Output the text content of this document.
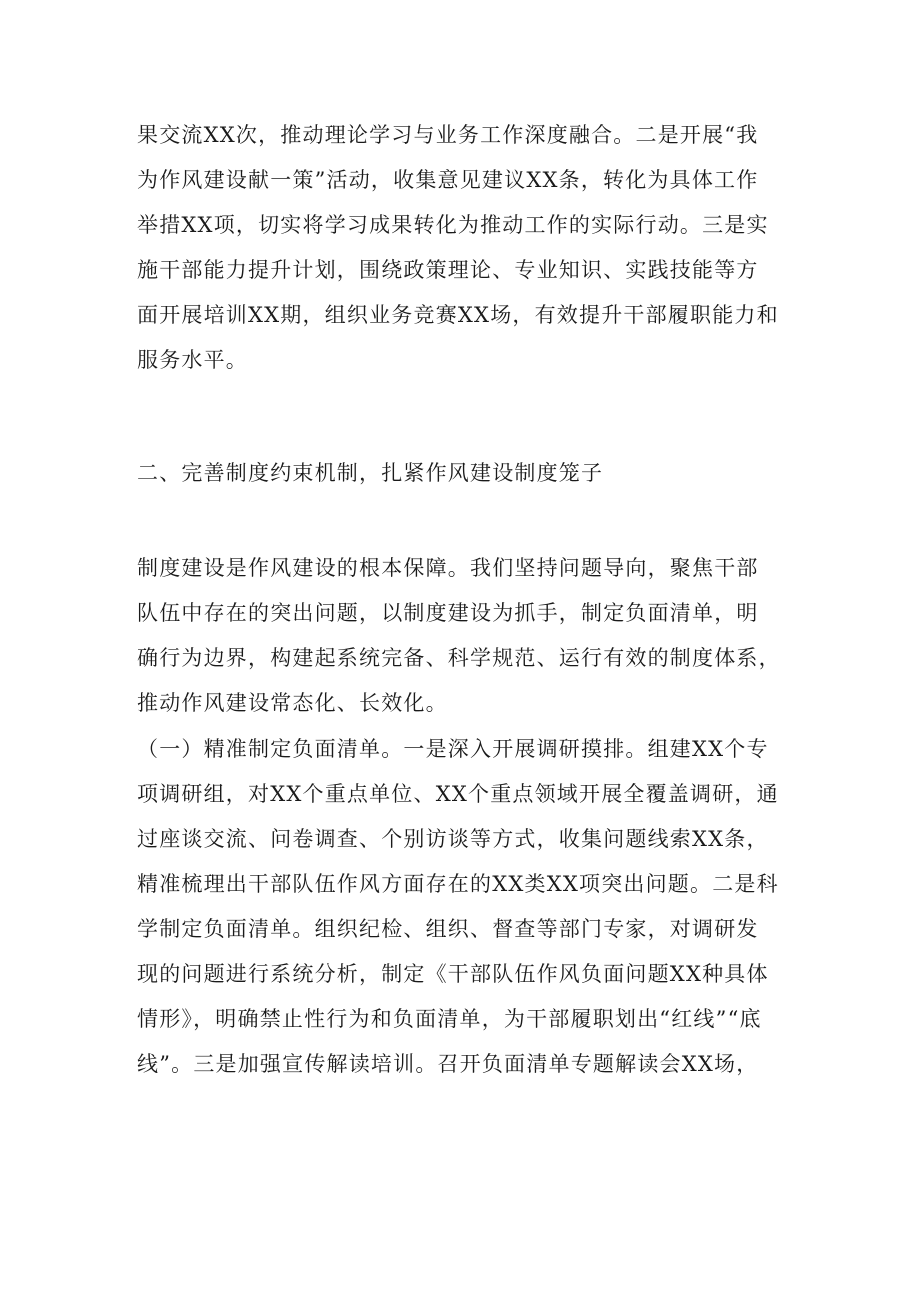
果交流XX次，推动理论学习与业务工作深度融合。二是开展“我
为作风建设献一策”活动，收集意见建议XX条，转化为具体工作
举措XX项，切实将学习成果转化为推动工作的实际行动。三是实
施干部能力提升计划，围绕政策理论、专业知识、实践技能等方
面开展培训XX期，组织业务竞赛XX场，有效提升干部履职能力和
服务水平。
二、完善制度约束机制，扎紧作风建设制度笼子
制度建设是作风建设的根本保障。我们坚持问题导向，聚焦干部
队伍中存在的突出问题，以制度建设为抓手，制定负面清单，明
确行为边界，构建起系统完备、科学规范、运行有效的制度体系，
推动作风建设常态化、长效化。
（一）精准制定负面清单。一是深入开展调研摸排。组建XX个专
项调研组，对XX个重点单位、XX个重点领域开展全覆盖调研，通
过座谈交流、问卷调查、个别访谈等方式，收集问题线索XX条，
精准梳理出干部队伍作风方面存在的XX类XX项突出问题。二是科
学制定负面清单。组织纪检、组织、督查等部门专家，对调研发
现的问题进行系统分析，制定《干部队伍作风负面问题XX种具体
情形》，明确禁止性行为和负面清单，为干部履职划出“红线”“底
线”。三是加强宣传解读培训。召开负面清单专题解读会XX场，
